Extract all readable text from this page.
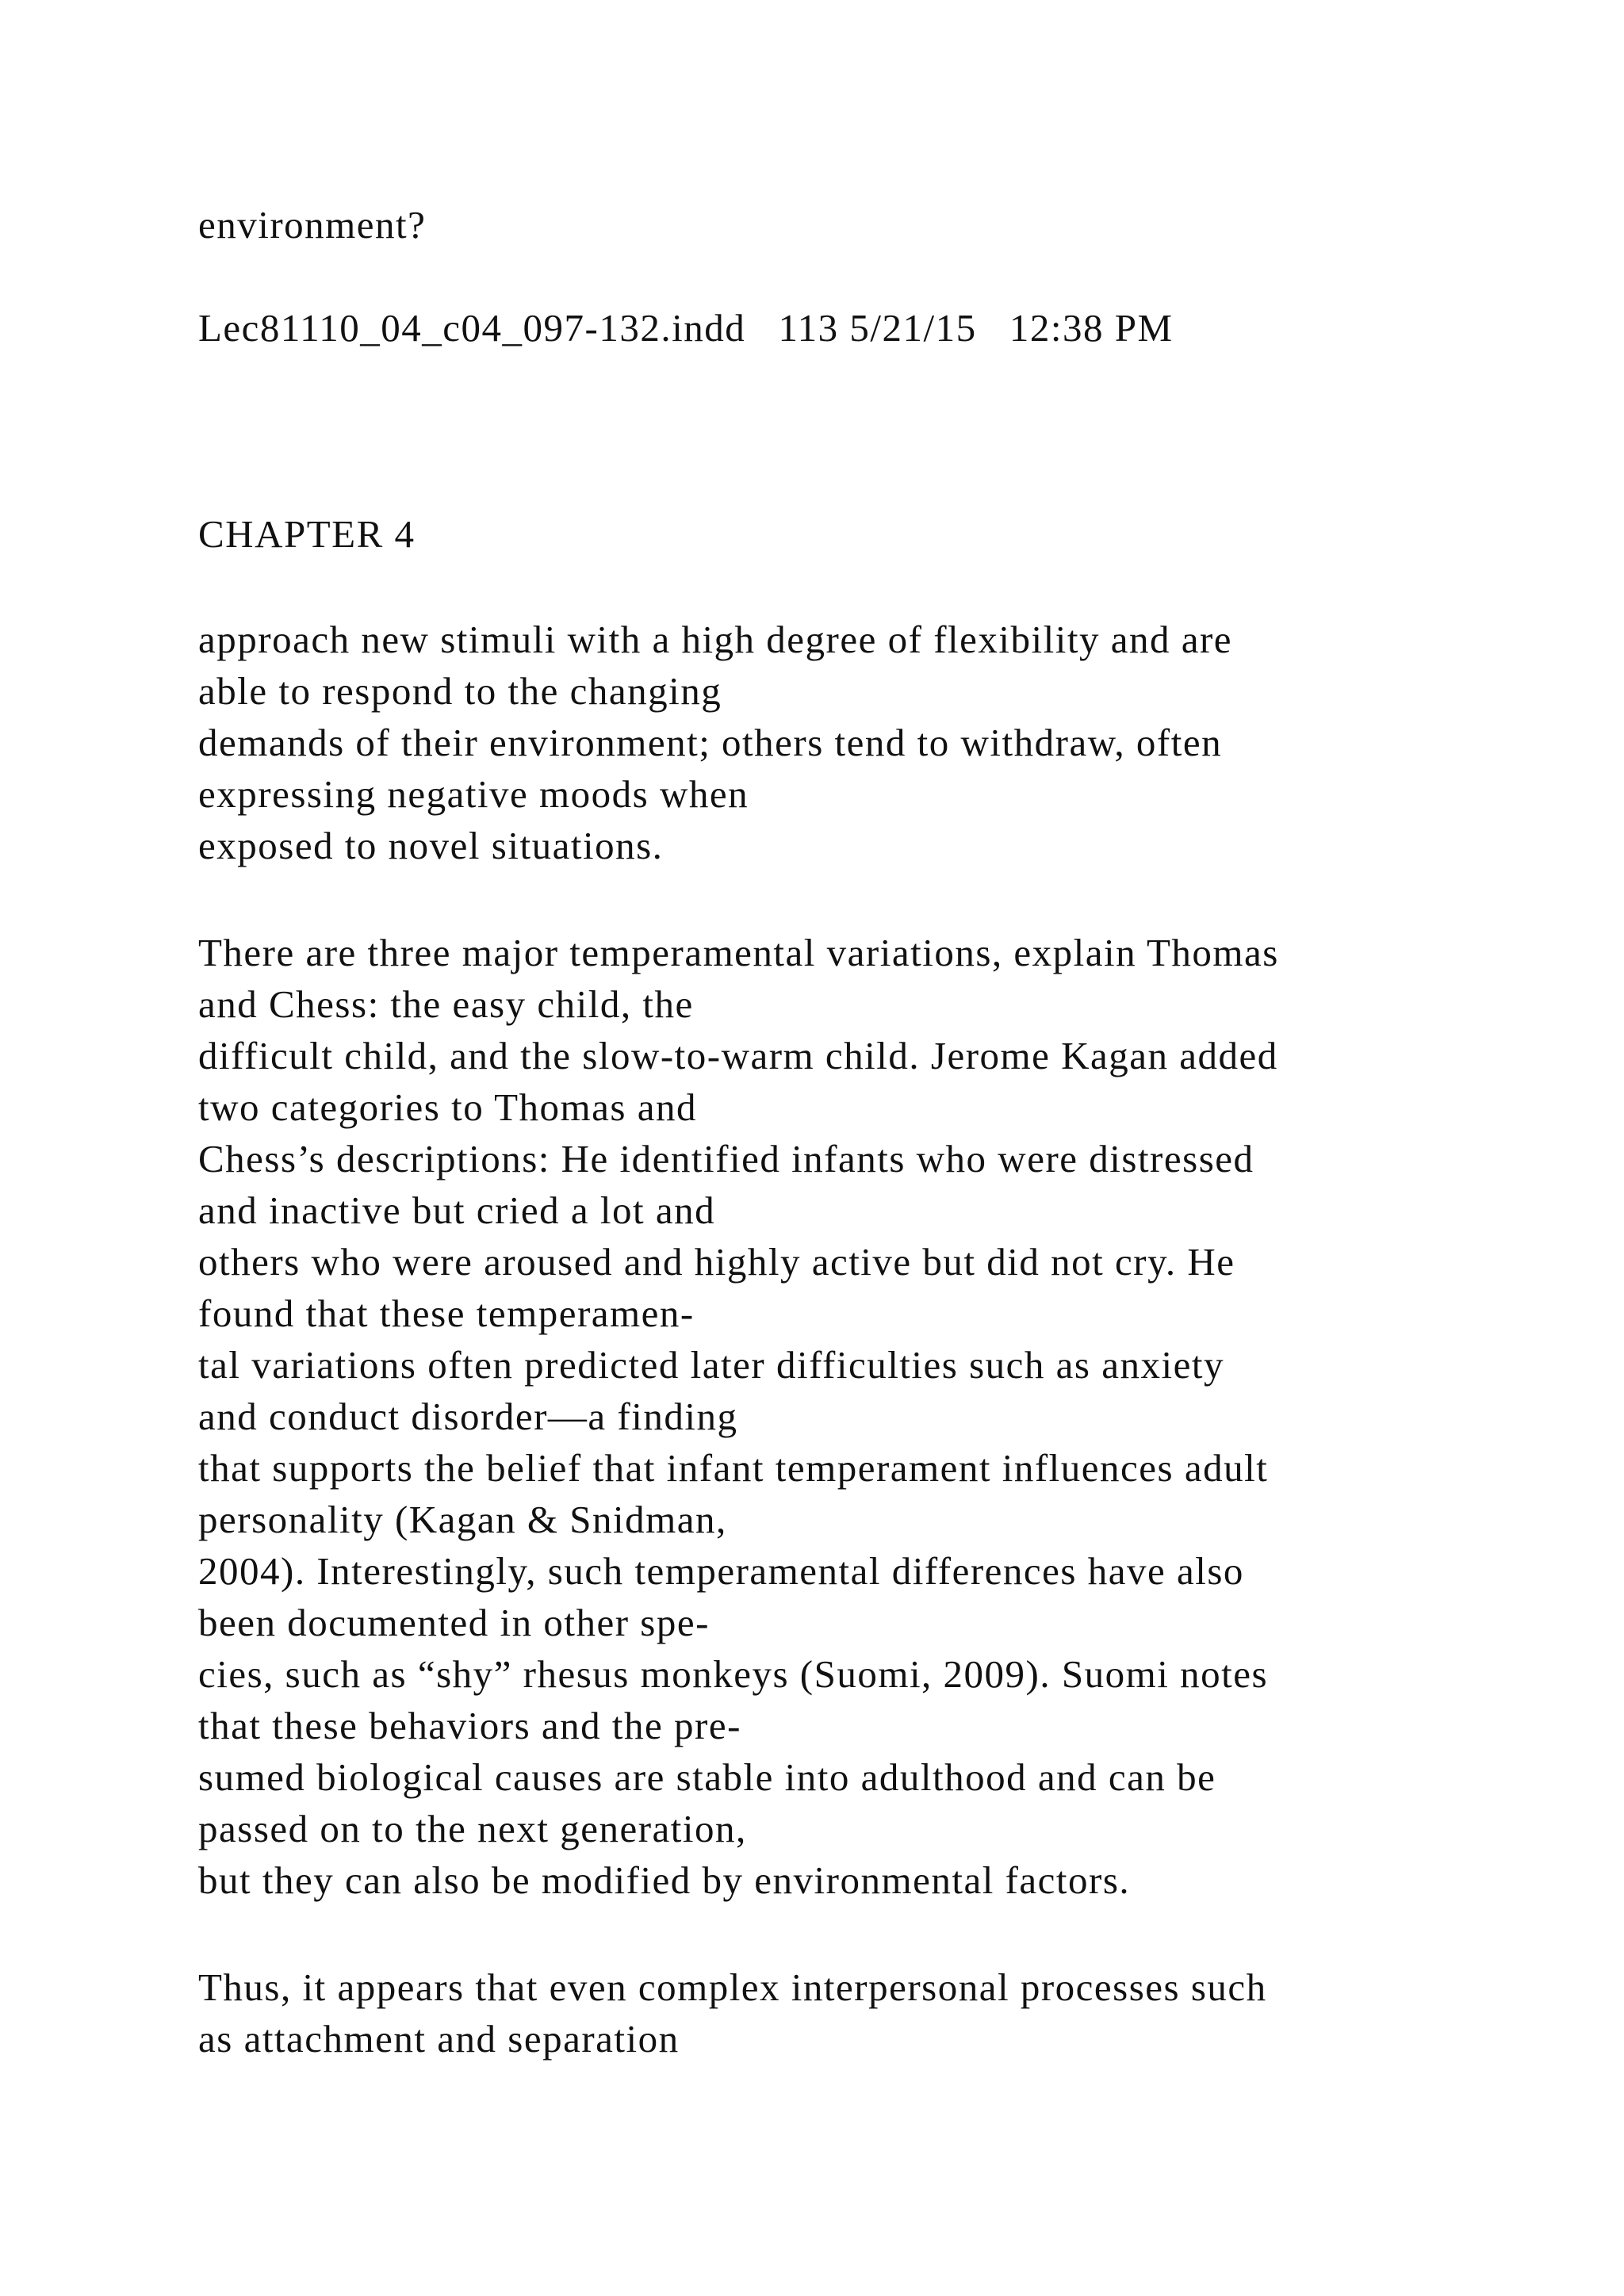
environment?
Lec81110_04_c04_097-132.indd   113 5/21/15   12:38 PM
CHAPTER 4
approach new stimuli with a high degree of flexibility and are
able to respond to the changing
demands of their environment; others tend to withdraw, often
expressing negative moods when
exposed to novel situations.
There are three major temperamental variations, explain Thomas
and Chess: the easy child, the
difficult child, and the slow-to-warm child. Jerome Kagan added
two categories to Thomas and
Chess’s descriptions: He identified infants who were distressed
and inactive but cried a lot and
others who were aroused and highly active but did not cry. He
found that these temperamen-
tal variations often predicted later difficulties such as anxiety
and conduct disorder—a finding
that supports the belief that infant temperament influences adult
personality (Kagan & Snidman,
2004). Interestingly, such temperamental differences have also
been documented in other spe-
cies, such as “shy” rhesus monkeys (Suomi, 2009). Suomi notes
that these behaviors and the pre-
sumed biological causes are stable into adulthood and can be
passed on to the next generation,
but they can also be modified by environmental factors.
Thus, it appears that even complex interpersonal processes such
as attachment and separation
